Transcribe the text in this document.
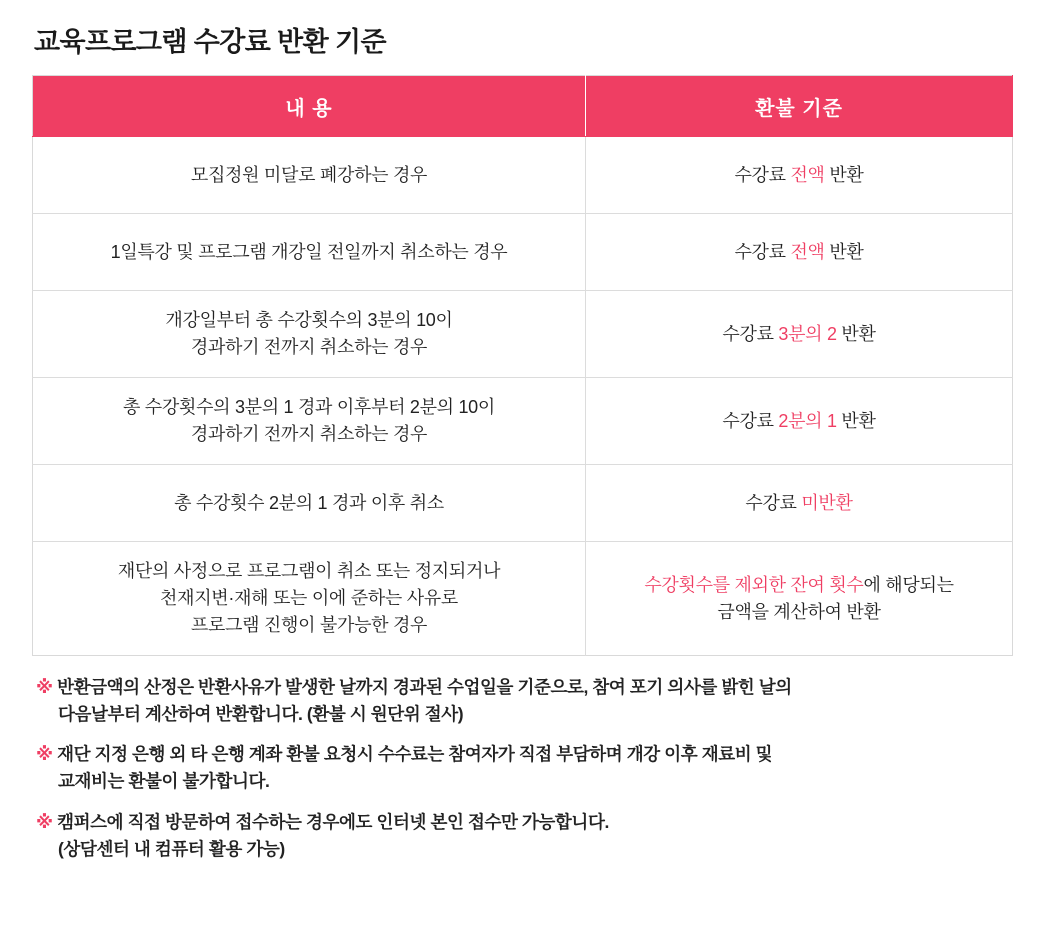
교육프로그램 수강료 반환 기준
내 용	환불 기준

모집정원 미달로 폐강하는 경우	수강료 전액 반환

1일특강 및 프로그램 개강일 전일까지 취소하는 경우	수강료 전액 반환

개강일부터 총 수강횟수의 3분의 10이
경과하기 전까지 취소하는 경우	수강료 3분의 2 반환

총 수강횟수의 3분의 1 경과 이후부터 2분의 10이
경과하기 전까지 취소하는 경우	수강료 2분의 1 반환

총 수강횟수 2분의 1 경과 이후 취소	수강료 미반환

재단의 사정으로 프로그램이 취소 또는 정지되거나
천재지변·재해 또는 이에 준하는 사유로
프로그램 진행이 불가능한 경우	수강횟수를 제외한 잔여 횟수에 해당되는
금액을 계산하여 반환
※ 반환금액의 산정은 반환사유가 발생한 날까지 경과된 수업일을 기준으로, 참여 포기 의사를 밝힌 날의
다음날부터 계산하여 반환합니다. (환불 시 원단위 절사)
※ 재단 지정 은행 외 타 은행 계좌 환불 요청시 수수료는 참여자가 직접 부담하며 개강 이후 재료비 및
교재비는 환불이 불가합니다.
※ 캠퍼스에 직접 방문하여 접수하는 경우에도 인터넷 본인 접수만 가능합니다.
(상담센터 내 컴퓨터 활용 가능)
